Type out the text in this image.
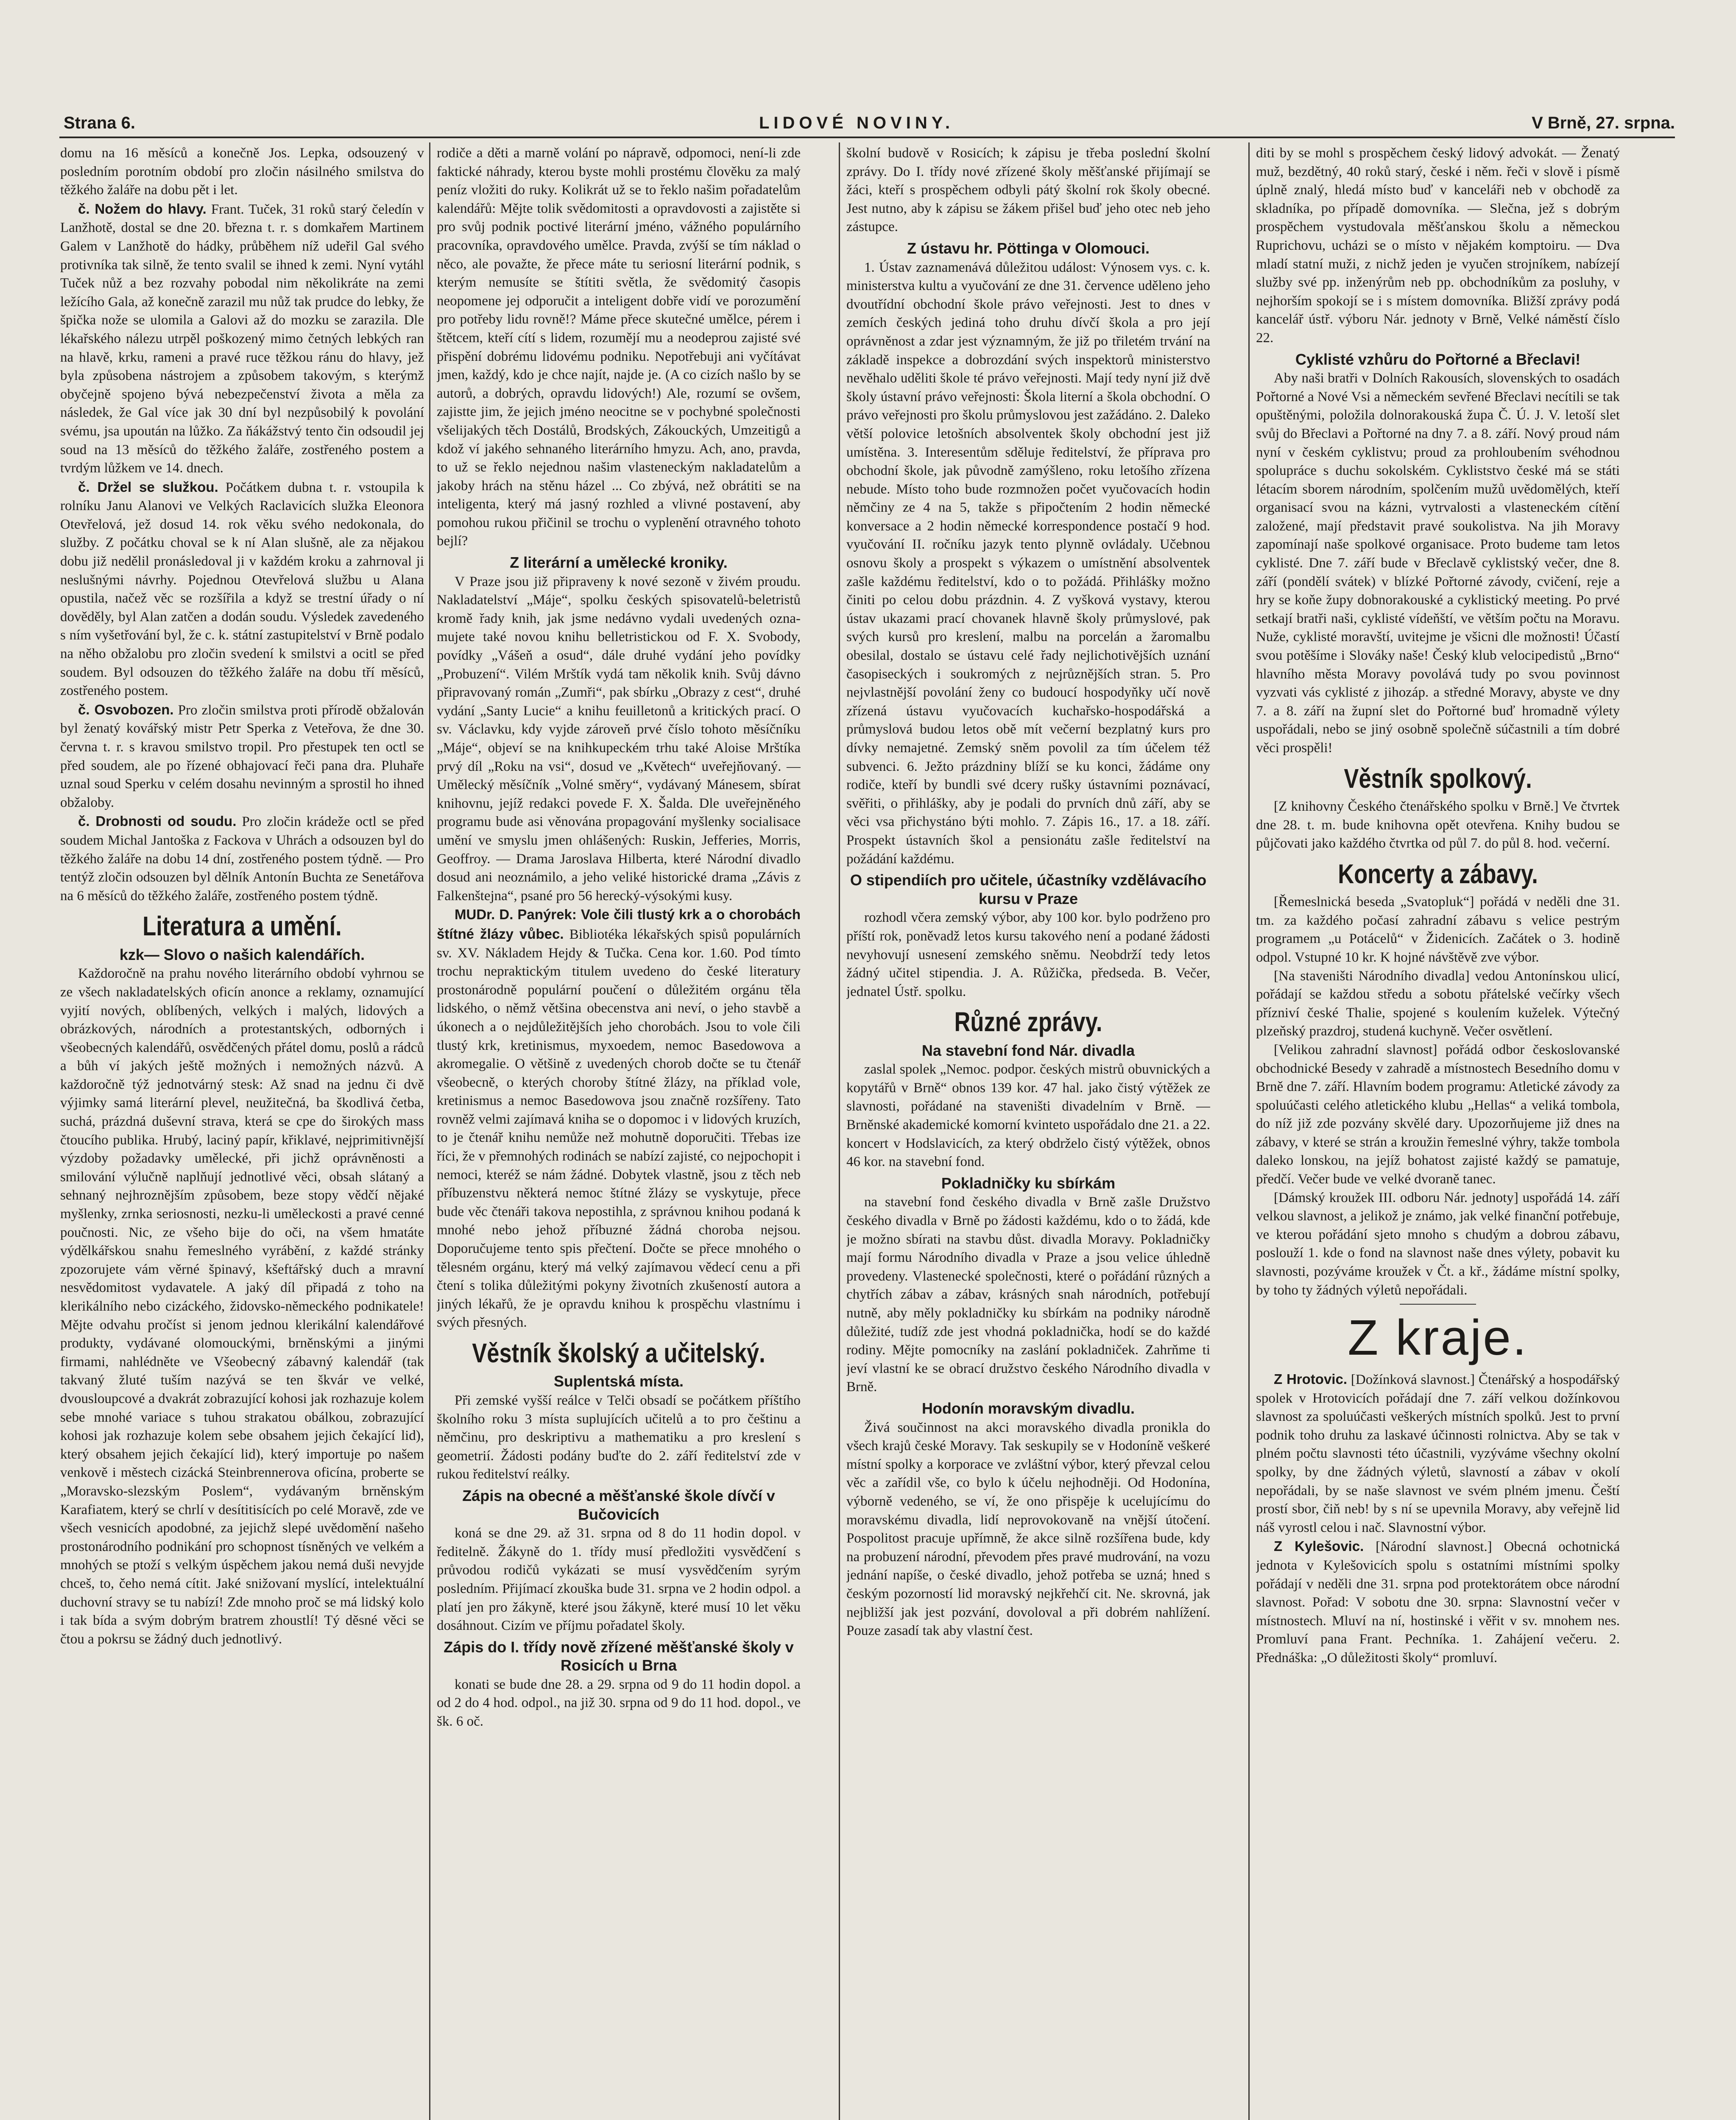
Strana 6.	LIDOVÉ NOVINY.	V Brně, 27. srpna.

domu na 16 měsíců a konečně Jos. Lepka, odsouzený v posledním porotním období pro zločin násilného smilstva do těžkého žaláře na dobu pět i let.

č. Nožem do hlavy. Frant. Tuček, 31 roků starý čeledín v Lanžhotě, dostal se dne 20. března t. r. s domkařem Martinem Galem v Lanžhotě do hádky, průběhem níž udeřil Gal svého protivníka tak silně, že tento svalil se ihned k zemi. Nyní vytáhl Tuček nůž a bez rozvahy pobodal nim několikráte na zemi ležícího Gala, až konečně zarazil mu nůž tak prudce do lebky, že špička nože se ulomila a Galovi až do mozku se zarazila. Dle lékařského nálezu utrpěl poškozený mimo četných lebkých ran na hlavě, krku, rameni a pravé ruce těžkou ránu do hlavy, jež byla způsobena nástrojem a způsobem takovým, s kterýmž obyčejně spojeno bývá nebezpečenství života a měla za následek, že Gal více jak 30 dní byl nezpůsobilý k povolání svému, jsa upoután na lůžko. Za ňákážstvý tento čin odsoudil jej soud na 13 měsíců do těžkého žaláře, zostřeného postem a tvrdým lůžkem ve 14. dnech.

č. Držel se služkou. Počátkem dubna t. r. vstoupila k rolníku Janu Alanovi ve Velkých Raclavicích služka Eleonora Otevřelová, jež dosud 14. rok věku svého nedokonala, do služby. Z počátku choval se k ní Alan slušně, ale za nějakou dobu již nedělil pronásledoval ji v každém kroku a zahrnoval ji neslušnými návrhy. Pojednou Otevřelová službu u Alana opustila, načež věc se rozšířila a když se trestní úřady o ní dověděly, byl Alan zatčen a dodán soudu. Výsledek zavedeného s ním vyšetřování byl, že c. k. státní zastupitelství v Brně podalo na něho obžalobu pro zločin svedení k smilstvi a ocitl se před soudem. Byl odsouzen do těžkého žaláře na dobu tří měsíců, zostřeného postem.

č. Osvobozen. Pro zločin smilstva proti přírodě obžalován byl ženatý kovářský mistr Petr Sperka z Veteřova, že dne 30. června t. r. s kravou smilstvo tropil. Pro přestupek ten octl se před soudem, ale po řízené obhajovací řeči pana dra. Pluhaře uznal soud Sperku v celém dosahu nevinným a sprostil ho ihned obžaloby.

č. Drobnosti od soudu. Pro zločin krádeže octl se před soudem Michal Jantoška z Fackova v Uhrách a odsouzen byl do těžkého žaláře na dobu 14 dní, zostřeného postem týdně. — Pro tentýž zločin odsouzen byl dělník Antonín Buchta ze Senetářova na 6 měsíců do těžkého žaláře, zostřeného postem týdně.

Literatura a umění.
kzk— Slovo o našich kalendářích.

Každoročně na prahu nového literárního období vyhrnou se ze všech nakladatelských oficín anonce a reklamy, oznamující vyjití nových, oblíbených, velkých i malých, lidových a obrázkových, národních a protestantských, odborných i všeobecných kalendářů, osvědčených přátel domu, poslů a rádců a bůh ví jakých ještě možných i nemožných názvů. A každoročně týž jednotvárný stesk: Až snad na jednu či dvě výjimky samá literární plevel, neužitečná, ba škodlivá četba, suchá, prázdná duševní strava, která se cpe do širokých mass čtoucího publika. Hrubý, laciný papír, křiklavé, nejprimitivnější výzdoby požadavky umělecké, při jichž oprávněnosti a smilování výlučně naplňují jednotlivé věci, obsah slátaný a sehnaný nejhroznějším způsobem, beze stopy vědčí nějaké myšlenky, zrnka seriosnosti, nezku-li uměleckosti a pravé cenné poučnosti. Nic, ze všeho bije do oči, na všem hmatáte výdělkářskou snahu řemeslného vyrábění, z každé stránky zpozorujete vám věrné špinavý, kšeftářský duch a mravní nesvědomitost vydavatele. A jaký díl připadá z toho na klerikálního nebo cizáckého, židovsko-německého podnikatele! Mějte odvahu pročíst si jenom jednou klerikální kalendářové produkty, vydávané olomouckými, brněnskými a jinými firmami, nahlédněte ve Všeobecný zábavný kalendář (tak takvaný žluté tuším nazývá se ten škvár ve velké, dvousloupcové a dvakrát zobrazující kohosi jak rozhazuje kolem sebe mnohé variace s tuhou strakatou obálkou, zobrazující kohosi jak rozhazuje kolem sebe obsahem jejich čekající lid), který obsahem jejich čekající lid), který importuje po našem venkově i městech cizácká Steinbrennerova oficína, proberte se „Moravsko-slezským Poslem“, vydávaným brněnským Karafiatem, který se chrlí v desítitisících po celé Moravě, zde ve všech vesnicích apodobné, za jejichž slepé uvědomění našeho prostonárodního podnikání pro schopnost tísněných ve velkém a mnohých se ptoží s velkým úspěchem jakou nemá duši nevyjde chceš, to, čeho nemá cítit. Jaké snižovaní myslící, intelektuální duchovní stravy se tu nabízí! Zde mnoho proč se má lidský kolo i tak bída a svým dobrým bratrem zhoustlí! Tý děsné věci se čtou a pokrsu se žádný duch jednotlivý.

rodiče a děti a marně volání po nápravě, odpomoci, není-li zde faktické náhrady, kterou byste mohli prostému člověku za malý peníz vložiti do ruky. Kolikrát už se to řeklo našim pořadatelům kalendářů: Mějte tolik svědomitosti a opravdovosti a zajistěte si pro svůj podnik poctivé literární jméno, vážného populárního pracovníka, opravdového umělce. Pravda, zvýší se tím náklad o něco, ale považte, že přece máte tu seriosní literární podnik, s kterým nemusíte se štítiti světla, že svědomitý časopis neopomene jej odporučit a inteligent dobře vidí ve porozumění pro potřeby lidu rovně!? Máme přece skutečné umělce, pérem i štětcem, kteří cítí s lidem, rozumějí mu a neodeprou zajisté své přispění dobrému lidovému podniku. Nepotřebuji ani vyčítávat jmen, každý, kdo je chce najít, najde je. (A co cizích našlo by se autorů, a dobrých, opravdu lidových!) Ale, rozumí se ovšem, zajistte jim, že jejich jméno neocitne se v pochybné společnosti všelijakých těch Dostálů, Brodských, Zákouckých, Umzeitigů a kdož ví jakého sehnaného literárního hmyzu. Ach, ano, pravda, to už se řeklo nejednou našim vlasteneckým nakladatelům a jakoby hrách na stěnu házel ... Co zbývá, než obrátiti se na inteligenta, který má jasný rozhled a vlivné postavení, aby pomohou rukou přičinil se trochu o vyplenění otravného tohoto bejlí?

Z literární a umělecké kroniky.

V Praze jsou již připraveny k nové sezoně v živém proudu. Nakladatelství „Máje“, spolku českých spisovatelů-beletristů kromě řady knih, jak jsme nedávno vydali uvedených ozna-mujete také novou knihu belletristickou od F. X. Svobody, povídky „Vášeň a osud“, dále druhé vydání jeho povídky „Probuzení“. Vilém Mrštík vydá tam několik knih. Svůj dávno připravovaný román „Zumři“, pak sbírku „Obrazy z cest“, druhé vydání „Santy Lucie“ a knihu feuilletonů a kritických prací. O sv. Václavku, kdy vyjde zároveň prvé číslo tohoto měsíčníku „Máje“, objeví se na knihkupeckém trhu také Aloise Mrštíka prvý díl „Roku na vsi“, dosud ve „Květech“ uveřejňovaný. — Umělecký měsíčník „Volné směry“, vydávaný Mánesem, sbírat knihovnu, jejíž redakci povede F. X. Šalda. Dle uveřejněného programu bude asi věnována propagování myšlenky socialisace umění ve smyslu jmen ohlášených: Ruskin, Jefferies, Morris, Geoffroy. — Drama Jaroslava Hilberta, které Národní divadlo dosud ani neoznámilo, a jeho veliké historické drama „Závis z Falkenštejna“, psané pro 56 herecký-výsokými kusy.

MUDr. D. Panýrek: Vole čili tlustý krk a o chorobách štítné žlázy vůbec. Bibliotéka lékařských spisů populárních sv. XV. Nákladem Hejdy & Tučka. Cena kor. 1.60. Pod tímto trochu nepraktickým titulem uvedeno do české literatury prostonárodně populární poučení o důležitém orgánu těla lidského, o němž většina obecenstva ani neví, o jeho stavbě a úkonech a o nejdůležitějších jeho chorobách. Jsou to vole čili tlustý krk, kretinismus, myxoedem, nemoc Basedowova a akromegalie. O většině z uvedených chorob dočte se tu čtenář všeobecně, o kterých choroby štítné žlázy, na příklad vole, kretinismus a nemoc Basedowova jsou značně rozšířeny. Tato rovněž velmi zajímavá kniha se o dopomoc i v lidových kruzích, to je čtenář knihu nemůže než mohutně doporučiti. Třebas ize říci, že v přemnohých rodinách se nabízí zajisté, co nejpochopit i nemoci, kteréž se nám žádné. Dobytek vlastně, jsou z těch neb příbuzenstvu některá nemoc štítné žlázy se vyskytuje, přece bude věc čtenáři takova nepostihla, z správnou knihou podaná k mnohé nebo jehož příbuzné žádná choroba nejsou. Doporučujeme tento spis přečtení. Dočte se přece mnohého o tělesném orgánu, který má velký zajímavou vědecí cenu a při čtení s tolika důležitými pokyny životních zkušeností autora a jiných lékařů, že je opravdu knihou k prospěchu vlastnímu i svých přesných.

Věstník školský a učitelský.
Suplentská místa.

Při zemské vyšší reálce v Telči obsadí se počátkem příštího školního roku 3 místa suplujících učitelů a to pro češtinu a němčinu, pro deskriptivu a mathematiku a pro kreslení s geometrií. Žádosti podány buďte do 2. září ředitelství zde v rukou ředitelství reálky.

Zápis na obecné a měšťanské škole dívčí v Bučovicích

koná se dne 29. až 31. srpna od 8 do 11 hodin dopol. v ředitelně. Žákyně do 1. třídy musí předložiti vysvědčení s průvodou rodičů vykázati se musí vysvědčením syrým posledním. Přijímací zkouška bude 31. srpna ve 2 hodin odpol. a platí jen pro žákyně, které jsou žákyně, které musí 10 let věku dosáhnout. Cizím ve příjmu pořadatel školy.

Zápis do I. třídy nově zřízené měšťanské školy v Rosicích u Brna

konati se bude dne 28. a 29. srpna od 9 do 11 hodin dopol. a od 2 do 4 hod. odpol., na již 30. srpna od 9 do 11 hod. dopol., ve šk. 6 oč.

školní budově v Rosicích; k zápisu je třeba poslední školní zprávy. Do I. třídy nové zřízené školy měšťanské přijímají se žáci, kteří s prospěchem odbyli pátý školní rok školy obecné. Jest nutno, aby k zápisu se žákem přišel buď jeho otec neb jeho zástupce.

Z ústavu hr. Pöttinga v Olomouci.

1. Ústav zaznamenává důležitou událost: Výnosem vys. c. k. ministerstva kultu a vyučování ze dne 31. července uděleno jeho dvoutřídní obchodní škole právo veřejnosti. Jest to dnes v zemích českých jediná toho druhu dívčí škola a pro její oprávněnost a zdar jest významným, že již po třiletém trvání na základě inspekce a dobrozdání svých inspektorů ministerstvo nevěhalo uděliti škole té právo veřejnosti. Mají tedy nyní již dvě školy ústavní právo veřejnosti: Škola literní a škola obchodní. O právo veřejnosti pro školu průmyslovou jest zažádáno. 2. Daleko větší polovice letošních absolventek školy obchodní jest již umístěna. 3. Interesentům sděluje ředitelství, že příprava pro obchodní škole, jak původně zamýšleno, roku letošího zřízena nebude. Místo toho bude rozmnožen počet vyučovacích hodin němčiny ze 4 na 5, takže s připočtením 2 hodin německé konversace a 2 hodin německé korrespondence postačí 9 hod. vyučování II. ročníku jazyk tento plynně ovládaly. Učebnou osnovu školy a prospekt s výkazem o umístnění absolventek zašle každému ředitelství, kdo o to požádá. Přihlášky možno činiti po celou dobu prázdnin. 4. Z vyšková vystavy, kterou ústav ukazami prací chovanek hlavně školy průmyslové, pak svých kursů pro kreslení, malbu na porcelán a žaromalbu obesilal, dostalo se ústavu celé řady nejlichotivějších uznání časopiseckých i soukromých z nejrůznějších stran. 5. Pro nejvlastnější povolání ženy co budoucí hospodyňky učí nově zřízená ústavu vyučovacích kuchařsko-hospodářská a průmyslová budou letos obě mít večerní bezplatný kurs pro dívky nemajetné. Zemský sněm povolil za tím účelem též subvenci. 6. Ježto prázdniny blíží se ku konci, žádáme ony rodiče, kteří by bundli své dcery rušky ústavními poznávací, svěřiti, o přihlášky, aby je podali do prvních dnů září, aby se věci vsa přichystáno býti mohlo. 7. Zápis 16., 17. a 18. září. Prospekt ústavních škol a pensionátu zašle ředitelství na požádání každému.

O stipendiích pro učitele, účastníky vzdělávacího kursu v Praze

rozhodl včera zemský výbor, aby 100 kor. bylo podrženo pro příští rok, poněvadž letos kursu takového není a podané žádosti nevyhovují usnesení zemského sněmu. Neobdrží tedy letos žádný učitel stipendia. J. A. Růžička, předseda. B. Večer, jednatel Ústř. spolku.

Různé zprávy.
Na stavební fond Nár. divadla

zaslal spolek „Nemoc. podpor. českých mistrů obuvnických a kopytářů v Brně“ obnos 139 kor. 47 hal. jako čistý výtěžek ze slavnosti, pořádané na staveništi divadelním v Brně. — Brněnské akademické komorní kvinteto uspořádalo dne 21. a 22. koncert v Hodslavicích, za který obdrželo čistý výtěžek, obnos 46 kor. na stavební fond.

Pokladničky ku sbírkám

na stavební fond českého divadla v Brně zašle Družstvo českého divadla v Brně po žádosti každému, kdo o to žádá, kde je možno sbírati na stavbu důst. divadla Moravy. Pokladničky mají formu Národního divadla v Praze a jsou velice úhledně provedeny. Vlastenecké společnosti, které o pořádání různých a chytřích zábav a zábav, krásných snah národních, potřebují nutně, aby měly pokladničky ku sbírkám na podniky národně důležité, tudíž zde jest vhodná pokladnička, hodí se do každé rodiny. Mějte pomocníky na zaslání pokladniček. Zahrňme ti jeví vlastní ke se obrací družstvo českého Národního divadla v Brně.

Hodonín moravským divadlu.

Živá součinnost na akci moravského divadla pronikla do všech krajů české Moravy. Tak seskupily se v Hodoníně veškeré místní spolky a korporace ve zvláštní výbor, který převzal celou věc a zařídil vše, co bylo k účelu nejhodněji. Od Hodonína, výborně vedeného, se ví, že ono přispěje k ucelujícímu do moravskému divadla, lidí neprovokovaně na vnější útočení. Pospolitost pracuje upřímně, že akce silně rozšířena bude, kdy na probuzení národní, převodem přes pravé mudrování, na vozu jednání napíše, o české divadlo, jehož potřeba se uzná; hned s českým pozorností lid moravský nejkřehčí cit. Ne. skrovná, jak nejbližší jak jest pozvání, dovoloval a při dobrém nahlížení. Pouze zasadí tak aby vlastní čest.

diti by se mohl s prospěchem český lidový advokát. — Ženatý muž, bezdětný, 40 roků starý, české i něm. řeči v slově i písmě úplně znalý, hledá místo buď v kanceláři neb v obchodě za skladníka, po případě domovníka. — Slečna, jež s dobrým prospěchem vystudovala měšťanskou školu a německou Ruprichovu, ucházi se o místo v nějakém komptoiru. — Dva mladí statní muži, z nichž jeden je vyučen strojníkem, nabízejí služby své pp. inženýrům neb pp. obchodníkům za posluhy, v nejhorším spokojí se i s místem domovníka. Bližší zprávy podá kancelář ústř. výboru Nár. jednoty v Brně, Velké náměstí číslo 22.

Cyklisté vzhůru do Pořtorné a Břeclavi!

Aby naši bratři v Dolních Rakousích, slovenských to osadách Pořtorné a Nové Vsi a německém sevřené Břeclavi necítili se tak opuštěnými, položila dolnorakouská župa Č. Ú. J. V. letoší slet svůj do Břeclavi a Pořtorné na dny 7. a 8. září. Nový proud nám nyní v českém cyklistvu; proud za prohloubením svéhodnou spolupráce s duchu sokolském. Cykliststvo české má se státi létacím sborem národním, spolčením mužů uvědomělých, kteří organisací svou na kázni, vytrvalosti a vlasteneckém cítění založené, mají představit pravé soukolistva. Na jih Moravy zapomínají naše spolkové organisace. Proto budeme tam letos cyklisté. Dne 7. září bude v Břeclavě cyklistský večer, dne 8. září (pondělí svátek) v blízké Pořtorné závody, cvičení, reje a hry se koňe župy dobnorakouské a cyklistický meeting. Po prvé setkají bratři naši, cyklisté vídeňští, ve větším počtu na Moravu. Nuže, cyklisté moravští, uvitejme je všicni dle možnosti! Účastí svou potěšíme i Slováky naše! Český klub velocipedistů „Brno“ hlavního města Moravy povolává tudy po svou povinnost vyzvati vás cyklisté z jihozáp. a středné Moravy, abyste ve dny 7. a 8. září na župní slet do Pořtorné buď hromadně výlety uspořádali, nebo se jiný osobně společně súčastnili a tím dobré věci prospěli!

Věstník spolkový.

[Z knihovny Českého čtenářského spolku v Brně.] Ve čtvrtek dne 28. t. m. bude knihovna opět otevřena. Knihy budou se půjčovati jako každého čtvrtka od půl 7. do půl 8. hod. večerní.

Koncerty a zábavy.

[Řemeslnická beseda „Svatopluk“] pořádá v neděli dne 31. tm. za každého počasí zahradní zábavu s velice pestrým programem „u Potácelů“ v Židenicích. Začátek o 3. hodině odpol. Vstupné 10 kr. K hojné návštěvě zve výbor.

[Na staveništi Národního divadla] vedou Antonínskou ulicí, pořádají se každou středu a sobotu přátelské večírky všech přízniví české Thalie, spojené s koulením kuželek. Výtečný plzeňský prazdroj, studená kuchyně. Večer osvětlení.

[Velikou zahradní slavnost] pořádá odbor českoslovanské obchodnické Besedy v zahradě a místnostech Besedního domu v Brně dne 7. září. Hlavním bodem programu: Atletické závody za spoluúčasti celého atletického klubu „Hellas“ a veliká tombola, do níž již zde pozvány skvělé dary. Upozorňujeme již dnes na zábavy, v které se strán a kroužin řemeslné výhry, takže tombola daleko lonskou, na jejíž bohatost zajisté každý se pamatuje, předčí. Večer bude ve velké dvoraně tanec.

[Dámský kroužek III. odboru Nár. jednoty] uspořádá 14. září velkou slavnost, a jelikož je známo, jak velké finanční potřebuje, ve kterou pořádání sjeto mnoho s chudým a dobrou zábavu, poslouží 1. kde o fond na slavnost naše dnes výlety, pobavit ku slavnosti, pozýváme kroužek v Čt. a kř., žádáme místní spolky, by toho ty žádných výletů nepořádali.

Z kraje.

Z Hrotovic. [Dožínková slavnost.] Čtenářský a hospodářský spolek v Hrotovicích pořádají dne 7. září velkou dožínkovou slavnost za spoluúčasti veškerých místních spolků. Jest to první podnik toho druhu za laskavé účinnosti rolnictva. Aby se tak v plném počtu slavnosti této účastnili, vyzýváme všechny okolní spolky, by dne žádných výletů, slavností a zábav v okolí nepořádali, by se naše slavnost ve svém plném jmenu. Čeští prostí sbor, čiň neb! by s ní se upevnila Moravy, aby veřejně lid náš vyrostl celou i nač. Slavnostní výbor.

Z Kylešovic. [Národní slavnost.] Obecná ochotnická jednota v Kylešovicích spolu s ostatními místními spolky pořádají v neděli dne 31. srpna pod protektorátem obce národní slavnost. Pořad: V sobotu dne 30. srpna: Slavnostní večer v místnostech. Mluví na ní, hostinské i věřit v sv. mnohem nes. Promluví pana Frant. Pechníka. 1. Zahájení večeru. 2. Přednáška: „O důležitosti školy“ promluví.
